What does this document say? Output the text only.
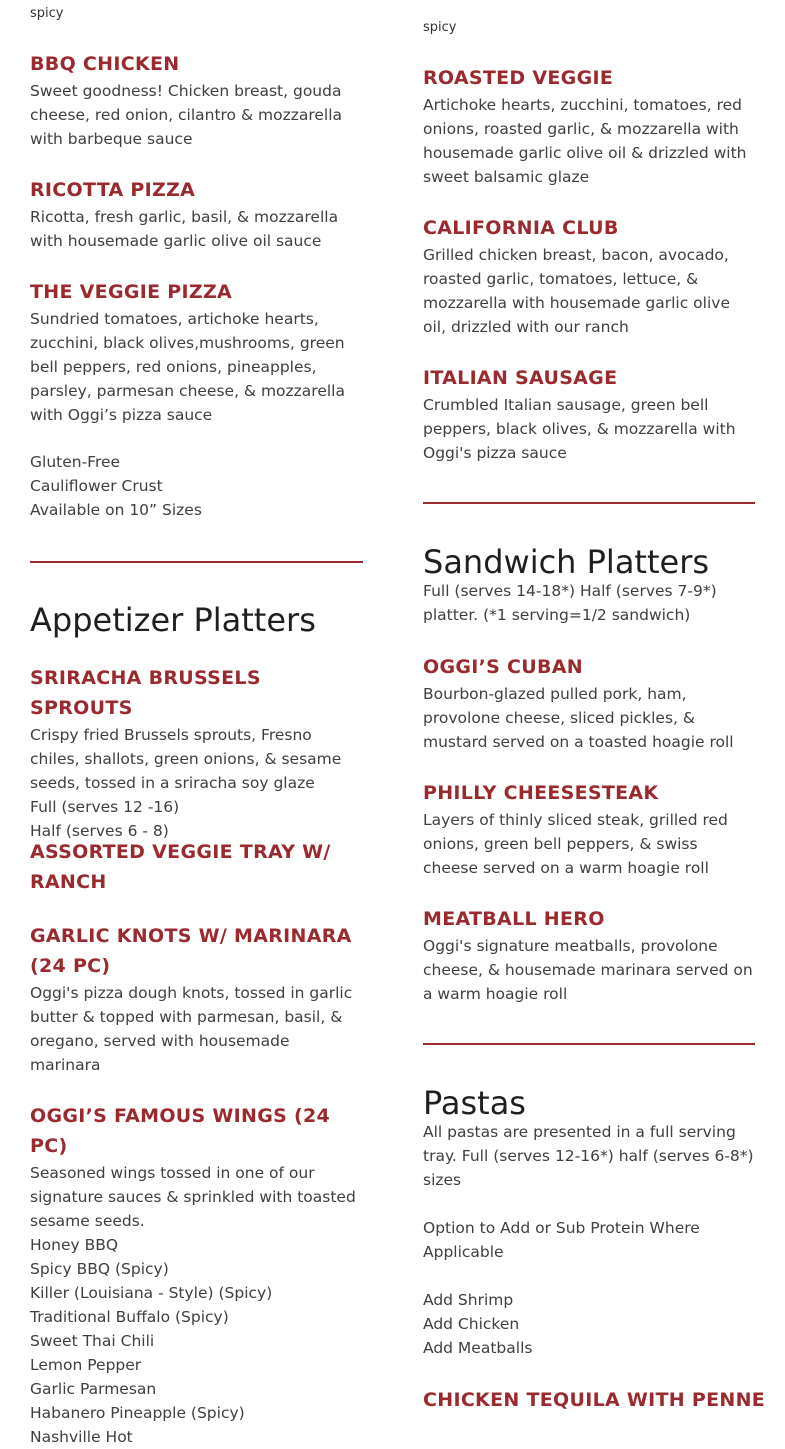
spicy

BBQ CHICKEN

Sweet goodness! Chicken breast, gouda
cheese, red onion, cilantro & mozzarella
with barbeque sauce

RICOTTA PIZZA

Ricotta, fresh garlic, basil, & mozzarella
with housemade garlic olive oil sauce

THE VEGGIE PIZZA

Sundried tomatoes, artichoke hearts,
zucchini, black olives,mushrooms, green
bell peppers, red onions, pineapples,
parsley, parmesan cheese, & mozzarella
with Oggi’s pizza sauce

Gluten-Free

Cauliflower Crust

Available on 10” Sizes

Appetizer Platters
SRIRACHA BRUSSELS SPROUTS

Crispy fried Brussels sprouts, Fresno
chiles, shallots, green onions, & sesame
seeds, tossed in a sriracha soy glaze

Full (serves 12 -16)

Half (serves 6 - 8)

ASSORTED VEGGIE TRAY W/
RANCH
GARLIC KNOTS W/ MARINARA
(24 PC)

Oggi's pizza dough knots, tossed in garlic
butter & topped with parmesan, basil, &
oregano, served with housemade
marinara

OGGI’S FAMOUS WINGS (24 PC)

Seasoned wings tossed in one of our
signature sauces & sprinkled with toasted
sesame seeds.

Honey BBQ

Spicy BBQ (Spicy)

Killer (Louisiana - Style) (Spicy)

Traditional Buffalo (Spicy)

Sweet Thai Chili

Lemon Pepper

Garlic Parmesan

Habanero Pineapple (Spicy)

Nashville Hot

spicy

ROASTED VEGGIE

Artichoke hearts, zucchini, tomatoes, red
onions, roasted garlic, & mozzarella with
housemade garlic olive oil & drizzled with
sweet balsamic glaze

CALIFORNIA CLUB

Grilled chicken breast, bacon, avocado,
roasted garlic, tomatoes, lettuce, &
mozzarella with housemade garlic olive
oil, drizzled with our ranch

ITALIAN SAUSAGE

Crumbled Italian sausage, green bell
peppers, black olives, & mozzarella with
Oggi's pizza sauce

Sandwich Platters

Full (serves 14-18*) Half (serves 7-9*)
platter. (*1 serving=1/2 sandwich)

OGGI’S CUBAN

Bourbon-glazed pulled pork, ham,
provolone cheese, sliced pickles, &
mustard served on a toasted hoagie roll

PHILLY CHEESESTEAK

Layers of thinly sliced steak, grilled red
onions, green bell peppers, & swiss
cheese served on a warm hoagie roll

MEATBALL HERO

Oggi's signature meatballs, provolone
cheese, & housemade marinara served on
a warm hoagie roll

Pastas

All pastas are presented in a full serving
tray. Full (serves 12-16*) half (serves 6-8*)
sizes

Option to Add or Sub Protein Where
Applicable

Add Shrimp

Add Chicken

Add Meatballs

CHICKEN TEQUILA WITH PENNE
